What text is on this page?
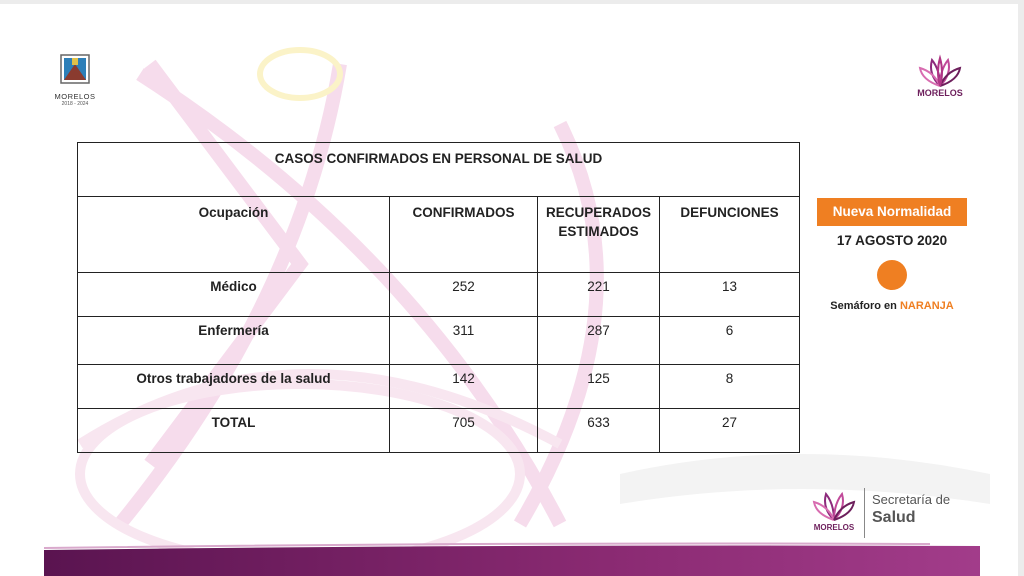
MORELOS
2018 - 2024
MORELOS
CASOS CONFIRMADOS EN PERSONAL DE SALUD			
Ocupación	CONFIRMADOS	RECUPERADOS ESTIMADOS	DEFUNCIONES
Médico	252	221	13
Enfermería	311	287	6
Otros trabajadores de la salud	142	125	8
TOTAL	705	633	27
Nueva Normalidad
17 AGOSTO 2020
Semáforo en NARANJA
MORELOS
Secretaría de
Salud
